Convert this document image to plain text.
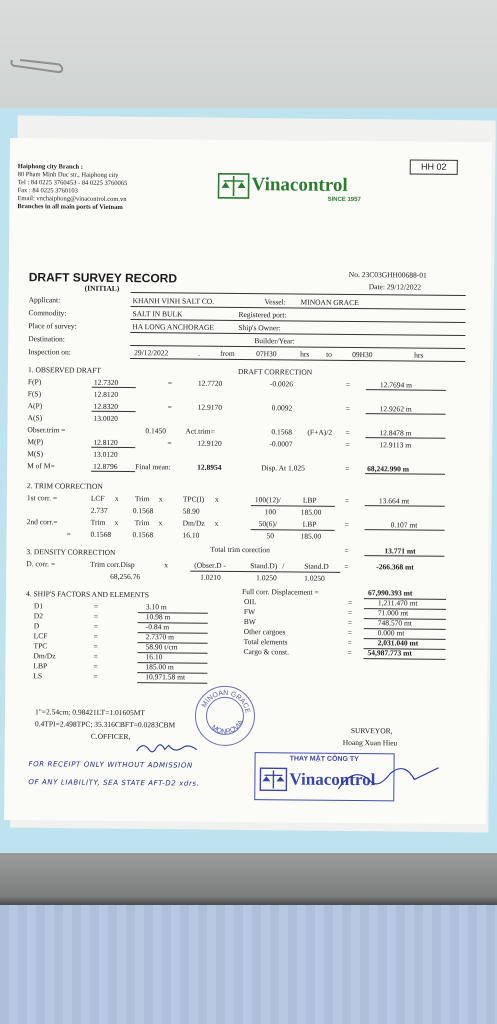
Haiphong city Branch :
80 Pham Minh Duc str., Haiphong city
Tel : 84 0225 3760453 - 84 0225 3760065
Fax : 84 0225 3760103
Email: vnchaiphong@vinacontrol.com.vn
Branches in all main ports of Vietnam
HH 02
Vinacontrol
SINCE 1957
DRAFT SURVEY RECORD
(INITIAL)
No. 23C03GHH00688-01
Date: 29/12/2022
Applicant:	KHANH VINH SALT CO.	Vessel: MINOAN GRACE
Commodity:	SALT IN BULK	Registered port:
Place of survey:	HA LONG ANCHORAGE	Ship's Owner:
Destination:	Builder/Year:
Inspection on:	29/12/2022	.	from	07H30	hrs to	09H30	hrs
1. OBSERVED DRAFT	DRAFT CORRECTION
F(P)	12.7320	=	12.7720	-0.0026	=	12.7694 m
F(S)	12.8120
A(P)	12.8320	=	12.9170	0.0092	=	12.9262 m
A(S)	13.0020
Obser.trim =	0.1450	Act.trim=	0.1568 (F+A)/2 =	12.8478 m
M(P)	12.8120	=	12.9120	-0.0007	=	12.9113 m
M(S)	13.0120
M of M=	12.8796 Final mean:	12.8954	Disp. At 1.025	= 68,242.990 m
2. TRIM CORRECTION
1st corr. =	LCF x Trim x	TPC(I) x	100(12)/	LBP	=	13.664 mt
2.737	0.1568	58.90	100	185.00
2nd corr.=	Trim x Trim x	Dm/Dz x	50(6)/	LBP	=	0.107 mt
=	0.1568	0.1568	16.10	50	185.00
3. DENSITY CORRECTION	Total trim corection	=	13.771 mt
D. corr. =	Trim corr.Disp	x	(Obser.D -	Stand.D) /	Stand.D =	-266.368 mt
68,256.76	1.0210	1.0250	1.0250
4. SHIP'S FACTORS AND ELEMENTS
D1	=	3.10 m
D2	=	10.98 m
D	=	-0.84 m
LCF	=	2.7370 m
TPC	=	58.90 t/cm
Dm/Dz	=	16.10
LBP	=	185.00 m
LS	=	10,971.58 mt
Full corr. Displacement =	67,990.393 mt
OIL	=	1,211.470 mt
FW	=	71.000 mt
BW	=	748.570 mt
Other cargoes	=	0.000 mt
Total elements	=	2,031.040 mt
Cargo & const.	= 54,987.773 mt
1"=2.54cm; 0.98421LT=1.01605MT
0.4TPI=2.498TPC; 35.316CBFT=0.0283CBM
C.OFFICER,
SURVEYOR,
Hoang Xuan Hieu
MINOAN GRACE
MONROVIA
FOR RECEIPT ONLY WITHOUT ADMISSION
OF ANY LIABILITY, SEA STATE AFT-D2 xdrs.
THAY MẶT CÔNG TY
Vinacontrol
